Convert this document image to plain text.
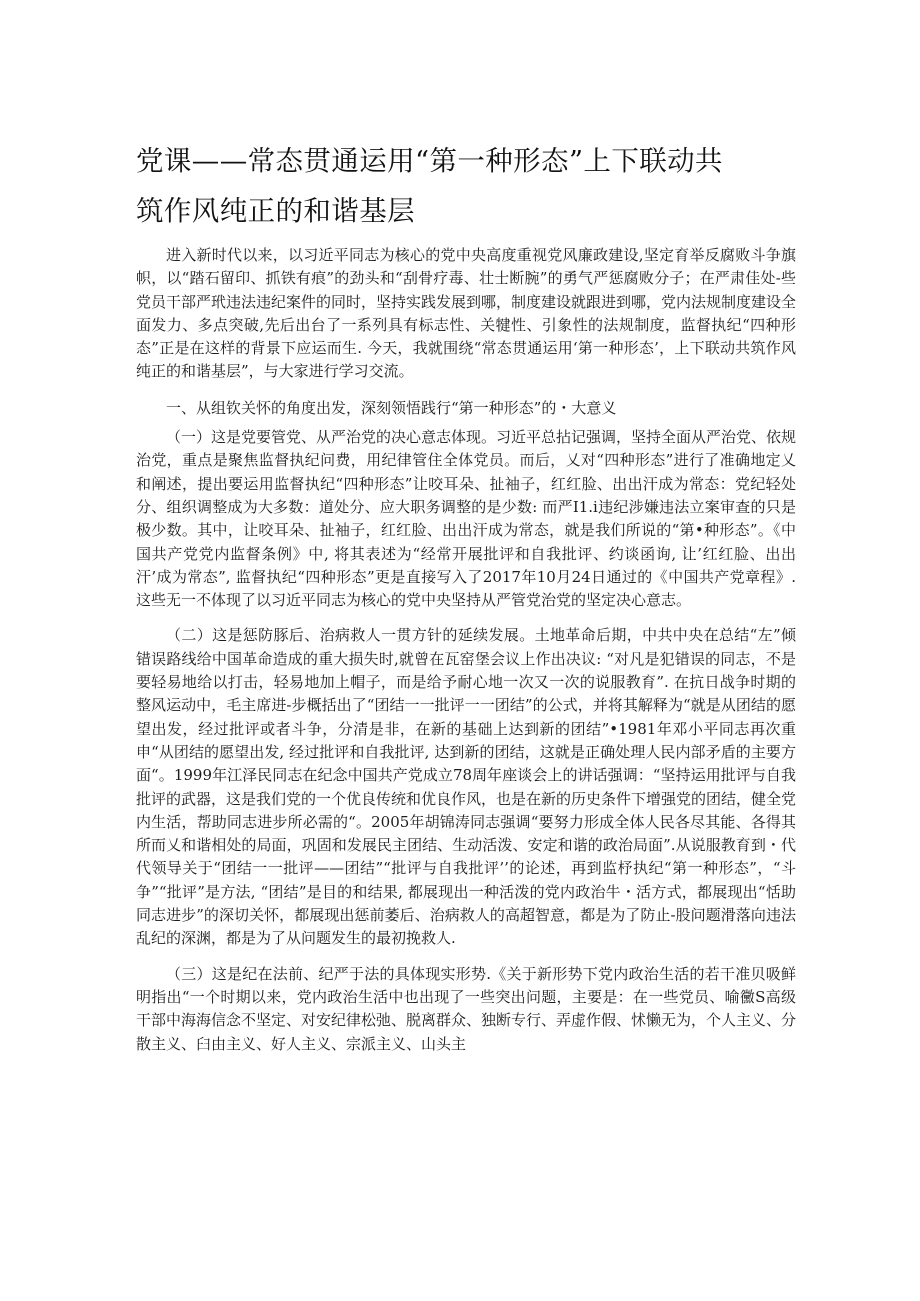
党课——常态贯通运用“第一种形态”上下联动共
筑作风纯正的和谐基层

进入新时代以来，以习近平同志为核心的党中央高度重视党风廉政建设,坚定育举反腐败斗争旗帜，以“踏石留印、抓铁有痕”的劲头和“刮骨疗毒、壮士断腕”的勇气严惩腐败分子；在严肃佳处-些党员干部严玳违法违纪案件的同时，坚持实践发展到哪，制度建设就跟进到哪，党内法规制度建设全面发力、多点突破,先后出台了一系列具有标志性、关犍性、引象性的法规制度，监督执纪“四种形态”正是在这样的背景下应运而生. 今天，我就围绕“常态贯通运用‘第一种形态’，上下联动共筑作风纯正的和谐基层”，与大家进行学习交流。

一、从组钦关怀的角度出发，深刻领悟践行“第一种形态”的・大意义

（一）这是党要管党、从严治党的决心意志体现。习近平总拈记强调，坚持全面从严治党、依规治党，重点是聚焦监督执纪问费，用纪律管住全体党员。而后，乂对“四种形态”进行了准确地定乂和阐述，提出要运用监督执纪“四种形态”让咬耳朵、扯袖子，红红脸、出出汗成为常态：党纪轻处分、组织调整成为大多数：道处分、应大职务调整的是少数: 而严I1.i违纪涉嫌违法立案审查的只是极少数。其中，让咬耳朵、扯袖子，红红脸、出出汗成为常态，就是我们所说的“第•种形态”。《中国共产党党内监督条例》中, 将其表述为“经常开展批评和自我批评、约谈函询, 让’红红脸、出出汗’成为常态”, 监督执纪“四种形态”更是直接写入了2017年10月24日通过的《中国共产党章程》. 这些无一不体现了以习近平同志为核心的党中央坚持从严管党治党的坚定决心意志。

（二）这是惩防豚后、治病救人一贯方针的延续发展。土地革命后期，中共中央在总结“左”倾错误路线给中国革命造成的重大损失时,就曾在瓦窑堡会议上作出决议: “对凡是犯错误的同志，不是要轻易地给以打击，轻易地加上帽子，而是给予耐心地一次又一次的说服教育”. 在抗日战争时期的整风运动中，毛主席进-步概括出了“团结一一批评一一团结”的公式，并将其解释为“就是从团结的愿望出发，经过批评或者斗争，分清是非，在新的基础上达到新的团结”•1981年邓小平同志再次重申“从团结的愿望出发, 经过批评和自我批评, 达到新的团结，这就是正确处理人民内部矛盾的主要方面“。1999年江泽民同志在纪念中国共产党成立78周年座谈会上的讲话强调：“坚持运用批评与自我批评的武器，这是我们党的一个优良传统和优良作风，也是在新的历史条件下增强党的团结，健全党内生活，帮助同志进步所必需的“。2005年胡锦涛同志强调“要努力形成全体人民各尽其能、各得其所而乂和谐相处的局面，巩固和发展民主团结、生动活泼、安定和谐的政治局面”.从说服教育到・代代领导关于“团结一一批评——团结”“批评与自我批评’’的论述，再到监杼执纪“第一种形态”，“斗争”“批评”是方法, “团结”是目的和结果, 都展现出一种活泼的党内政治牛・活方式，都展现出“恬助同志进步”的深切关怀，都展现出惩前萎后、治病救人的高超智意，都是为了防止-股问题滑落向违法乱纪的深渊，都是为了从问题发生的最初挽救人.

（三）这是纪在法前、纪严于法的具体现实形势.《关于新形势下党内政治生活的若干准贝吸鲜明指出“一个时期以来，党内政治生活中也出现了一些突出问题，主要是：在一些党员、喻黴S高级干部中海海信念不坚定、对安纪律松弛、脱离群众、独断专行、弄虚作假、怵懒无为，个人主义、分散主义、臼由主义、好人主义、宗派主义、山头主
